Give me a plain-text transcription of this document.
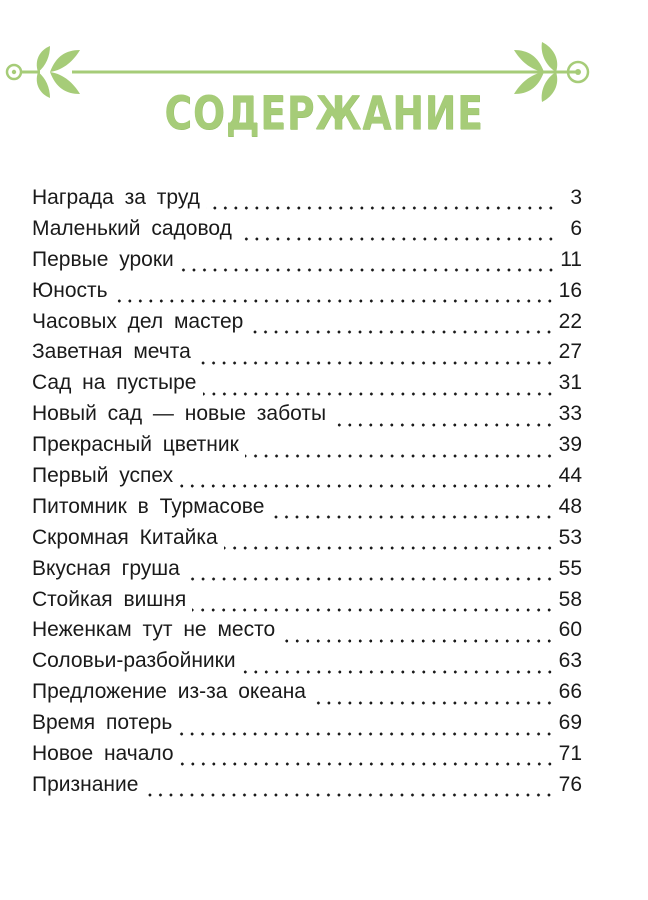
СОДЕРЖАНИЕ
Награда за труд	3
Маленький садовод	6
Первые уроки	11
Юность	16
Часовых дел мастер	22
Заветная мечта	27
Сад на пустыре	31
Новый сад — новые заботы	33
Прекрасный цветник	39
Первый успех	44
Питомник в Турмасове	48
Скромная Китайка	53
Вкусная груша	55
Стойкая вишня	58
Неженкам тут не место	60
Соловьи-разбойники	63
Предложение из-за океана	66
Время потерь	69
Новое начало	71
Признание	76
